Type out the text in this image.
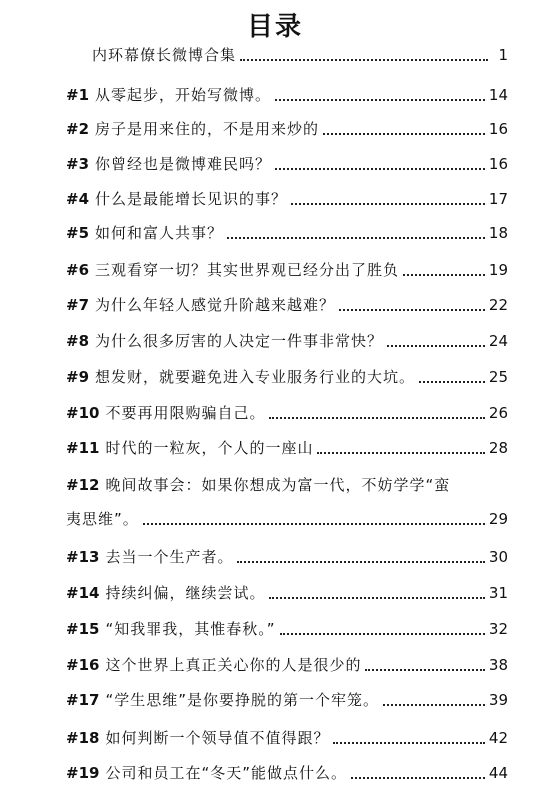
目录
内环幕僚长微博合集	1
#1 从零起步，开始写微博。	14
#2 房子是用来住的，不是用来炒的	16
#3 你曾经也是微博难民吗？	16
#4 什么是最能增长见识的事？	17
#5 如何和富人共事？	18
#6 三观看穿一切？其实世界观已经分出了胜负	19
#7 为什么年轻人感觉升阶越来越难？	22
#8 为什么很多厉害的人决定一件事非常快？	24
#9 想发财，就要避免进入专业服务行业的大坑。	25
#10 不要再用限购骗自己。	26
#11 时代的一粒灰，个人的一座山	28
#12 晚间故事会：如果你想成为富一代，不妨学学“蛮
夷思维”。	29
#13 去当一个生产者。	30
#14 持续纠偏，继续尝试。	31
#15 “知我罪我，其惟春秋。”	32
#16 这个世界上真正关心你的人是很少的	38
#17 “学生思维”是你要挣脱的第一个牢笼。	39
#18 如何判断一个领导值不值得跟？	42
#19 公司和员工在“冬天”能做点什么。	44
